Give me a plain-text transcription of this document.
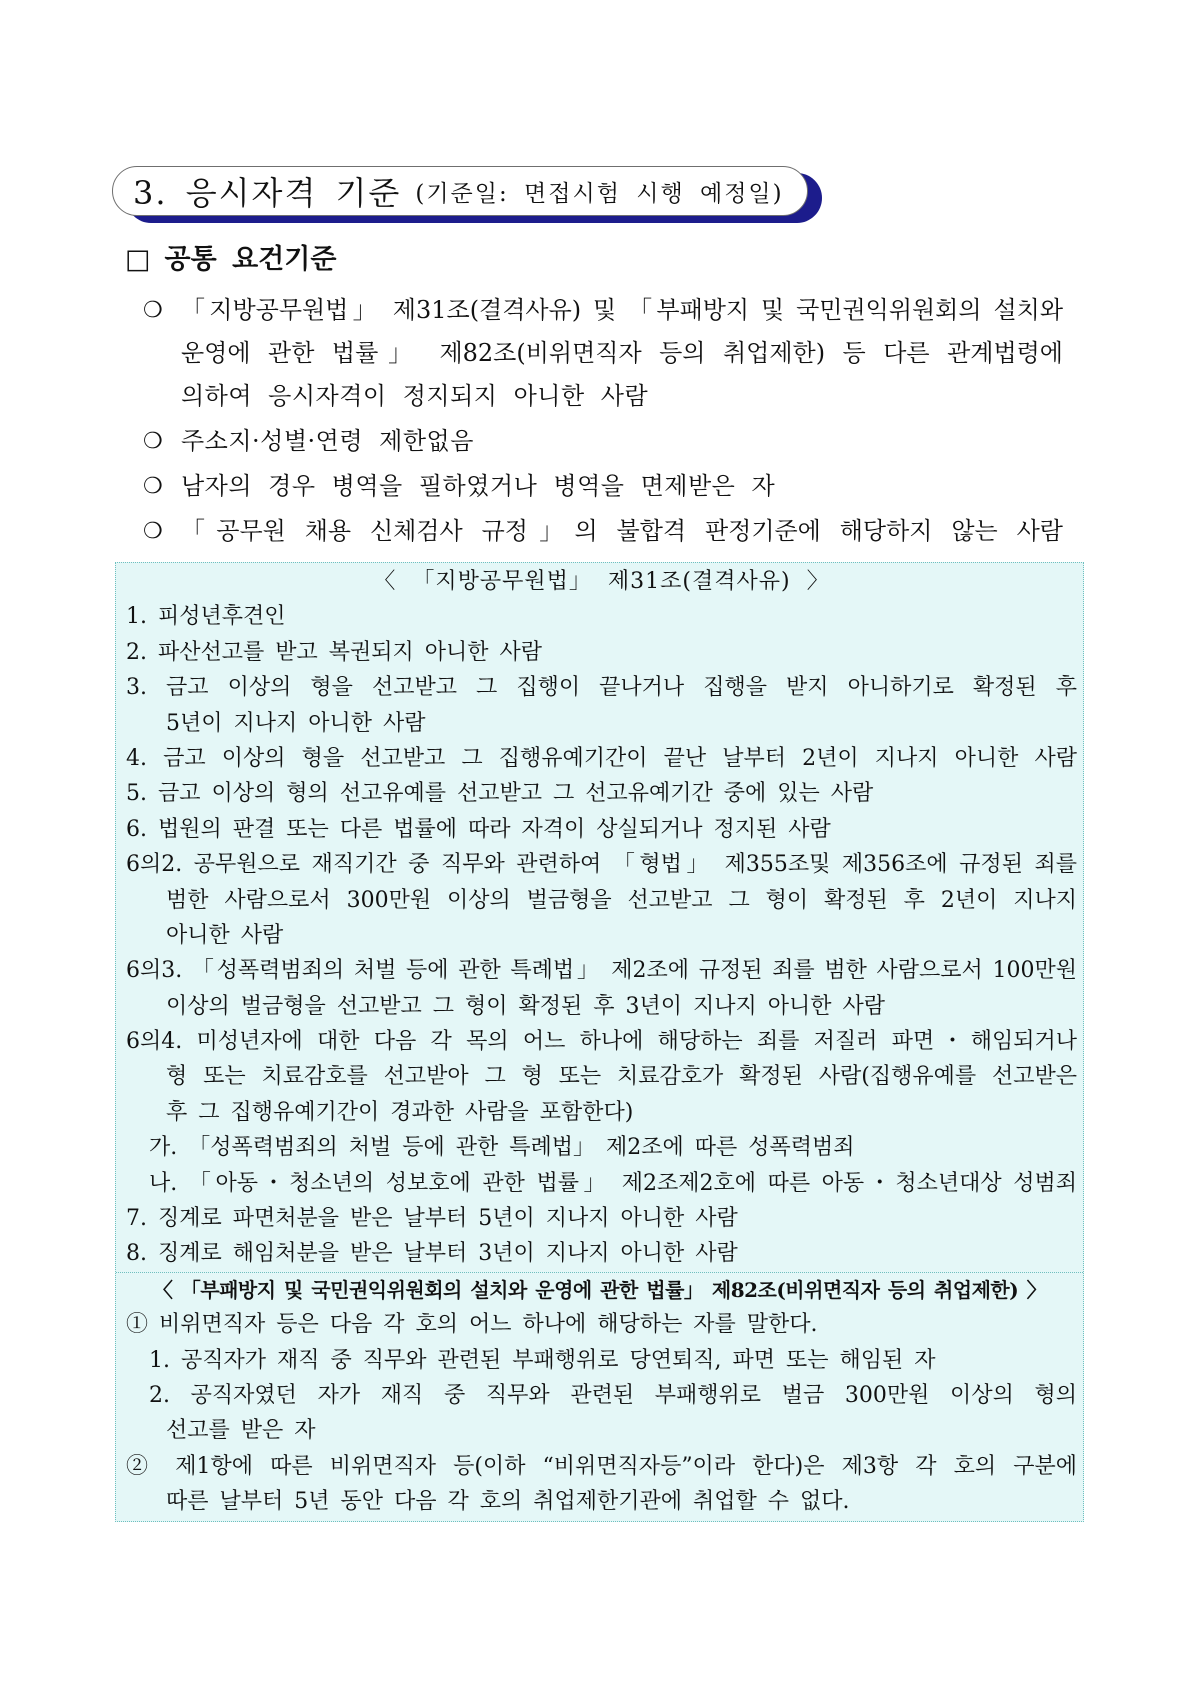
3. 응시자격 기준 (기준일: 면접시험 시행 예정일)
□ 공통 요건기준
❍ 「지방공무원법」 제31조(결격사유) 및 「부패방지 및 국민권익위원회의 설치와
운영에 관한 법률」 제82조(비위면직자 등의 취업제한) 등 다른 관계법령에
의하여 응시자격이 정지되지 아니한 사람
❍ 주소지·성별·연령 제한없음
❍ 남자의 경우 병역을 필하였거나 병역을 면제받은 자
❍ 「공무원 채용 신체검사 규정」의 불합격 판정기준에 해당하지 않는 사람
〈 「지방공무원법」 제31조(결격사유) 〉
1. 피성년후견인
2. 파산선고를 받고 복권되지 아니한 사람
3. 금고 이상의 형을 선고받고 그 집행이 끝나거나 집행을 받지 아니하기로 확정된 후
5년이 지나지 아니한 사람
4. 금고 이상의 형을 선고받고 그 집행유예기간이 끝난 날부터 2년이 지나지 아니한 사람
5. 금고 이상의 형의 선고유예를 선고받고 그 선고유예기간 중에 있는 사람
6. 법원의 판결 또는 다른 법률에 따라 자격이 상실되거나 정지된 사람
6의2. 공무원으로 재직기간 중 직무와 관련하여 「형법」 제355조및 제356조에 규정된 죄를
범한 사람으로서 300만원 이상의 벌금형을 선고받고 그 형이 확정된 후 2년이 지나지
아니한 사람
6의3. 「성폭력범죄의 처벌 등에 관한 특례법」 제2조에 규정된 죄를 범한 사람으로서 100만원
이상의 벌금형을 선고받고 그 형이 확정된 후 3년이 지나지 아니한 사람
6의4. 미성년자에 대한 다음 각 목의 어느 하나에 해당하는 죄를 저질러 파면・해임되거나
형 또는 치료감호를 선고받아 그 형 또는 치료감호가 확정된 사람(집행유예를 선고받은
후 그 집행유예기간이 경과한 사람을 포함한다)
가. 「성폭력범죄의 처벌 등에 관한 특례법」 제2조에 따른 성폭력범죄
나. 「아동・청소년의 성보호에 관한 법률」 제2조제2호에 따른 아동・청소년대상 성범죄
7. 징계로 파면처분을 받은 날부터 5년이 지나지 아니한 사람
8. 징계로 해임처분을 받은 날부터 3년이 지나지 아니한 사람
〈 「부패방지 및 국민권익위원회의 설치와 운영에 관한 법률」 제82조(비위면직자 등의 취업제한) 〉
① 비위면직자 등은 다음 각 호의 어느 하나에 해당하는 자를 말한다.
1. 공직자가 재직 중 직무와 관련된 부패행위로 당연퇴직, 파면 또는 해임된 자
2. 공직자였던 자가 재직 중 직무와 관련된 부패행위로 벌금 300만원 이상의 형의
선고를 받은 자
② 제1항에 따른 비위면직자 등(이하 “비위면직자등”이라 한다)은 제3항 각 호의 구분에
따른 날부터 5년 동안 다음 각 호의 취업제한기관에 취업할 수 없다.
